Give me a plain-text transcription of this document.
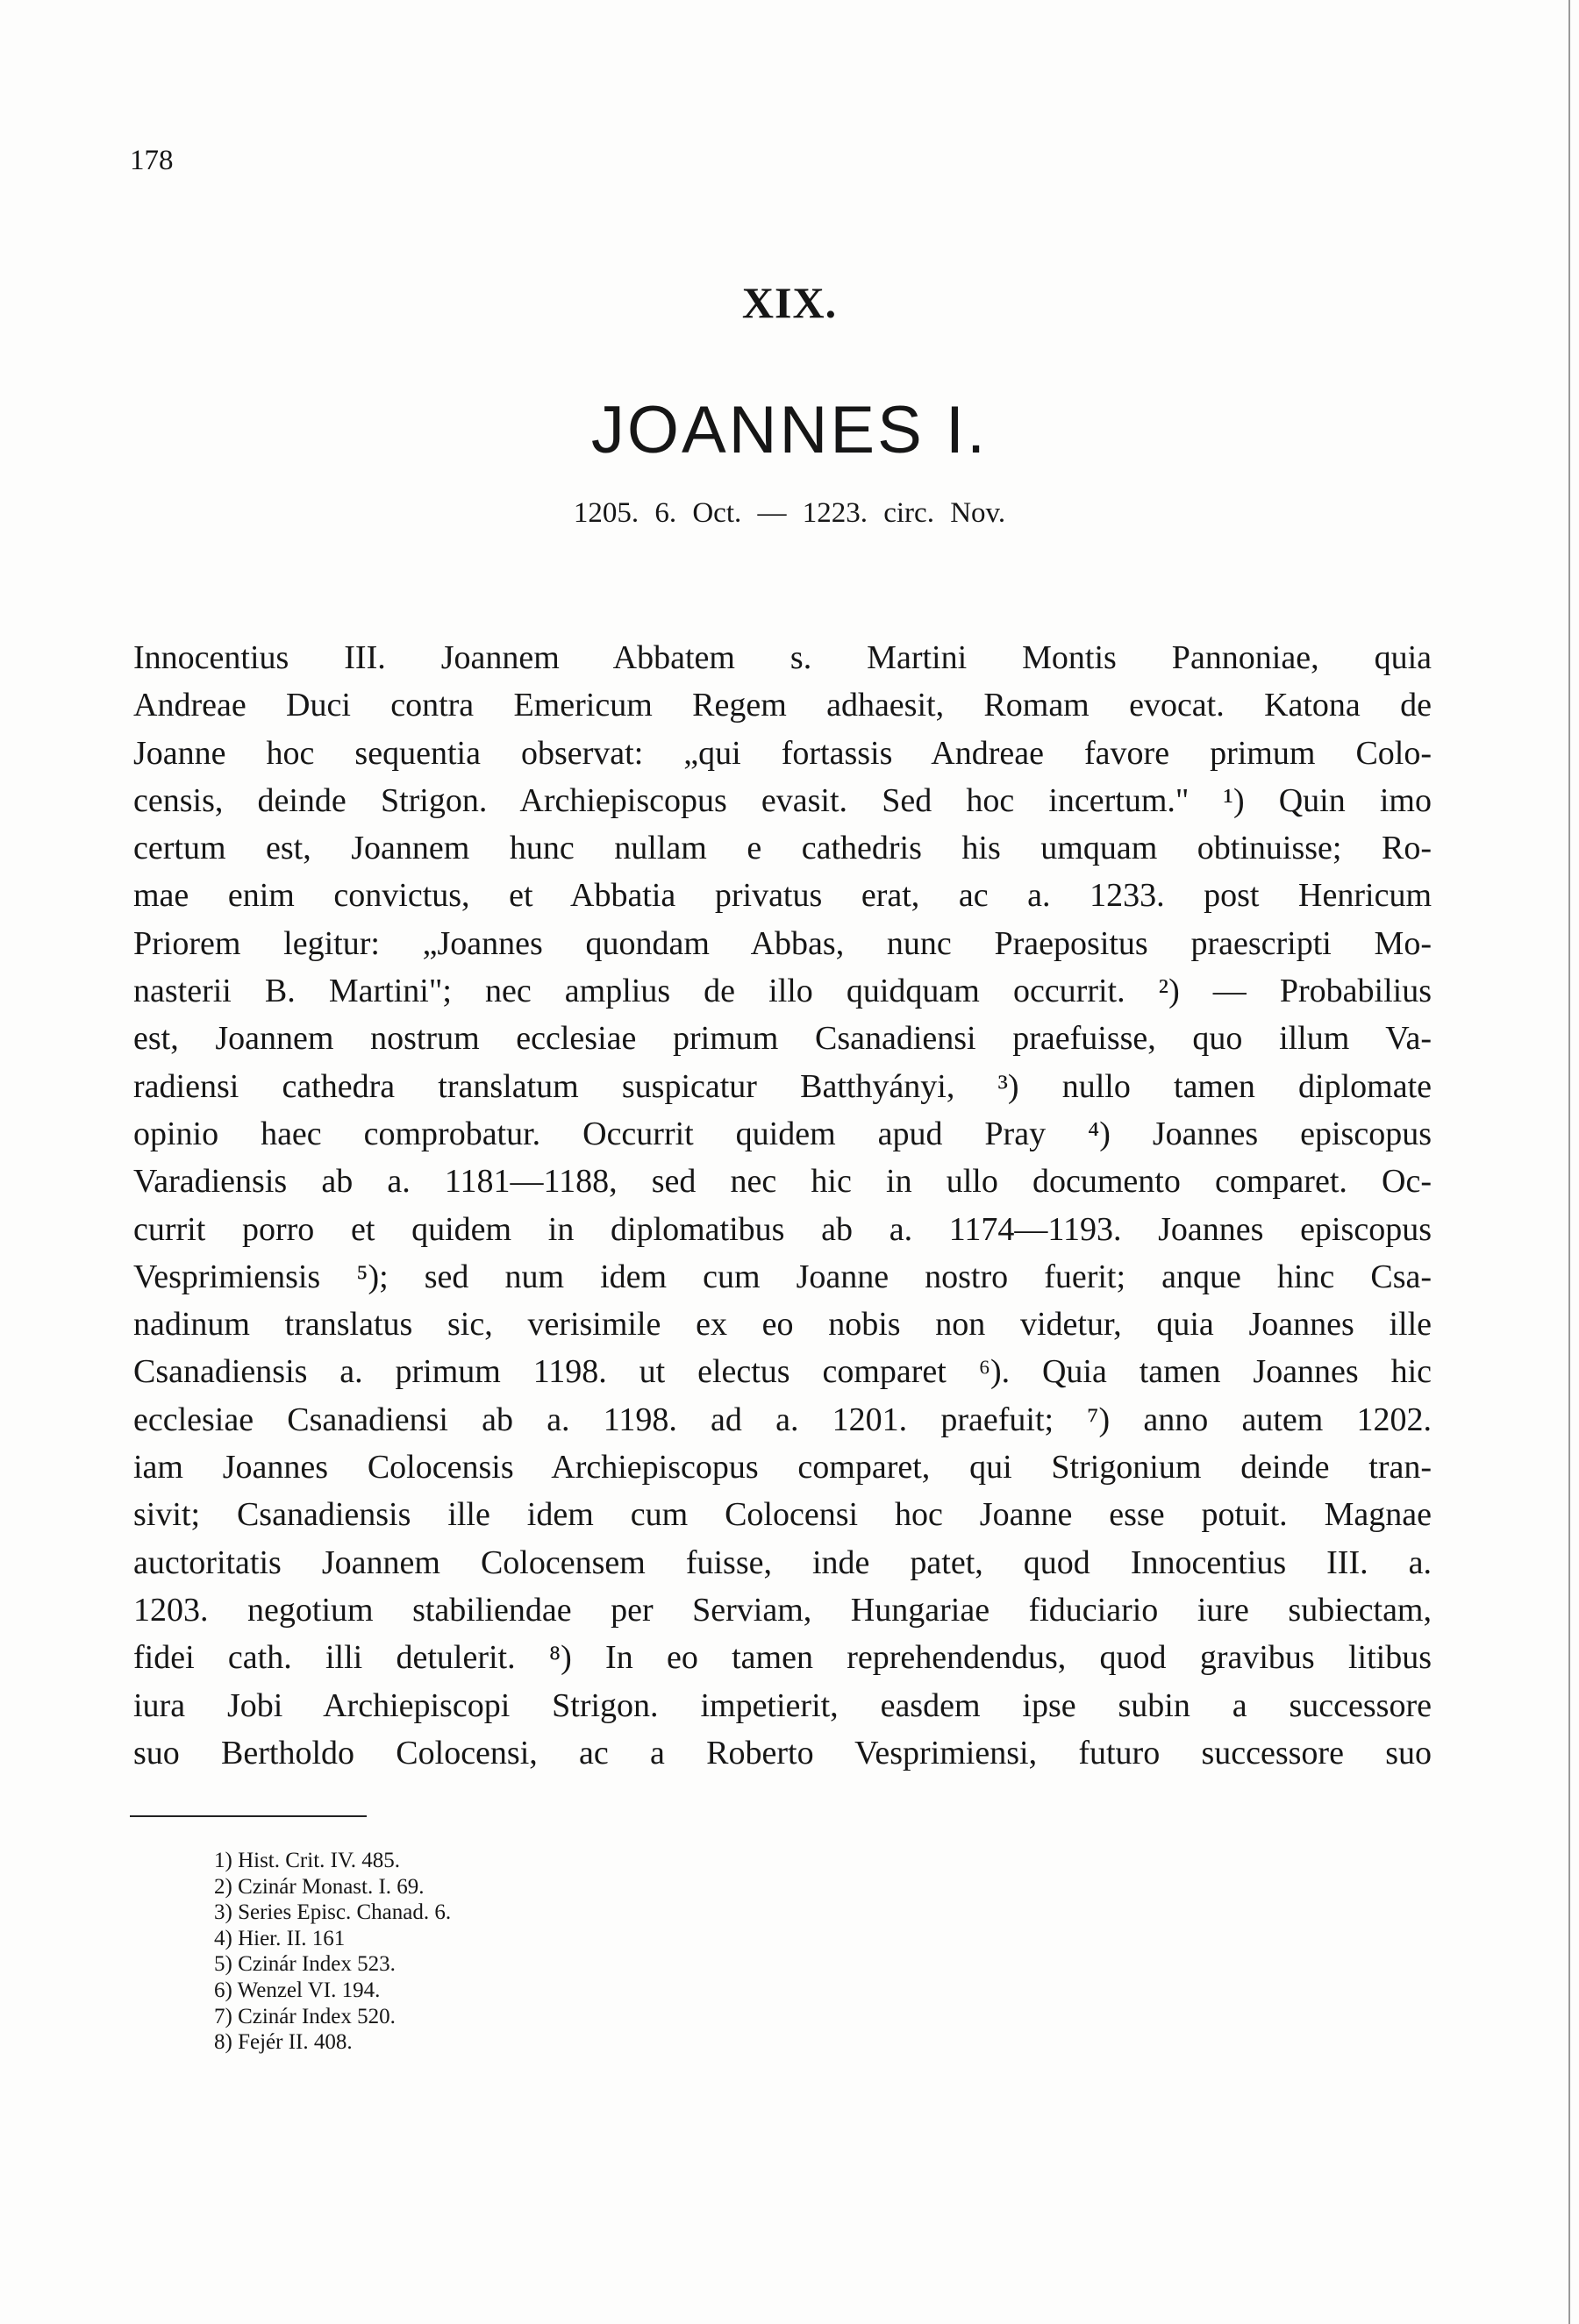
178
XIX.
JOANNES I.
1205. 6. Oct. — 1223. circ. Nov.
Innocentius III. Joannem Abbatem s. Martini Montis Pannoniae, quia
Andreae Duci contra Emericum Regem adhaesit, Romam evocat. Katona de
Joanne hoc sequentia observat: „qui fortassis Andreae favore primum Colo-
censis, deinde Strigon. Archiepiscopus evasit. Sed hoc incertum." ¹) Quin imo
certum est, Joannem hunc nullam e cathedris his umquam obtinuisse; Ro-
mae enim convictus, et Abbatia privatus erat, ac a. 1233. post Henricum
Priorem legitur: „Joannes quondam Abbas, nunc Praepositus praescripti Mo-
nasterii B. Martini"; nec amplius de illo quidquam occurrit. ²) — Probabilius
est, Joannem nostrum ecclesiae primum Csanadiensi praefuisse, quo illum Va-
radiensi cathedra translatum suspicatur Batthyányi, ³) nullo tamen diplomate
opinio haec comprobatur. Occurrit quidem apud Pray ⁴) Joannes episcopus
Varadiensis ab a. 1181—1188, sed nec hic in ullo documento comparet. Oc-
currit porro et quidem in diplomatibus ab a. 1174—1193. Joannes episcopus
Vesprimiensis ⁵); sed num idem cum Joanne nostro fuerit; anque hinc Csa-
nadinum translatus sic, verisimile ex eo nobis non videtur, quia Joannes ille
Csanadiensis a. primum 1198. ut electus comparet ⁶). Quia tamen Joannes hic
ecclesiae Csanadiensi ab a. 1198. ad a. 1201. praefuit; ⁷) anno autem 1202.
iam Joannes Colocensis Archiepiscopus comparet, qui Strigonium deinde tran-
sivit; Csanadiensis ille idem cum Colocensi hoc Joanne esse potuit. Magnae
auctoritatis Joannem Colocensem fuisse, inde patet, quod Innocentius III. a.
1203. negotium stabiliendae per Serviam, Hungariae fiduciario iure subiectam,
fidei cath. illi detulerit. ⁸) In eo tamen reprehendendus, quod gravibus litibus
iura Jobi Archiepiscopi Strigon. impetierit, easdem ipse subin a successore
suo Bertholdo Colocensi, ac a Roberto Vesprimiensi, futuro successore suo
1) Hist. Crit. IV. 485.
2) Czinár Monast. I. 69.
3) Series Episc. Chanad. 6.
4) Hier. II. 161
5) Czinár Index 523.
6) Wenzel VI. 194.
7) Czinár Index 520.
8) Fejér II. 408.
